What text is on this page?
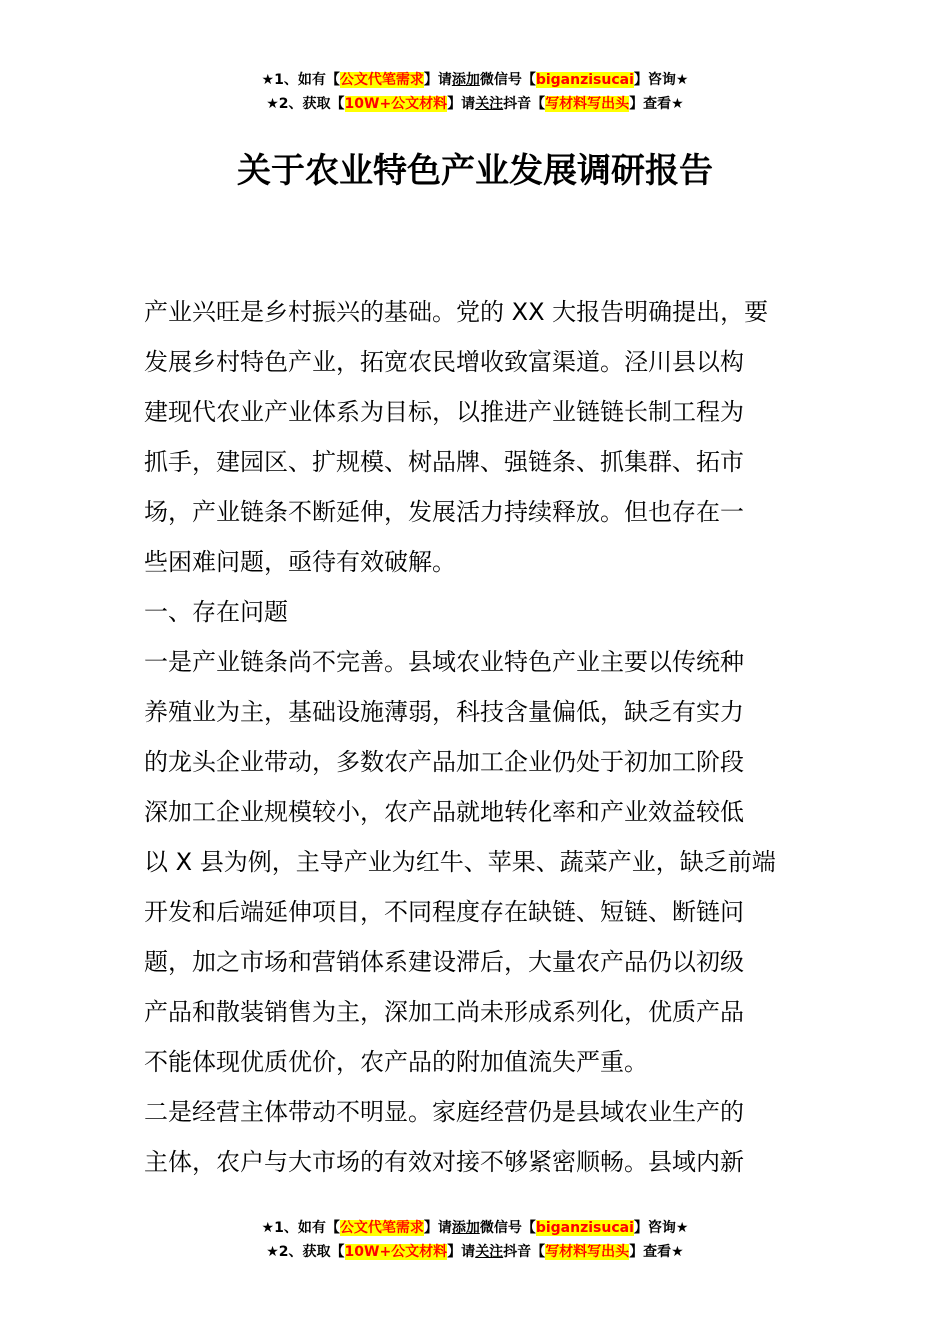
★1、如有【公文代笔需求】请添加微信号【biganzisucai】咨询★
★2、获取【10W+公文材料】请关注抖音【写材料写出头】查看★
关于农业特色产业发展调研报告
产业兴旺是乡村振兴的基础。党的 XX 大报告明确提出，要
发展乡村特色产业，拓宽农民增收致富渠道。泾川县以构
建现代农业产业体系为目标，以推进产业链链长制工程为
抓手，建园区、扩规模、树品牌、强链条、抓集群、拓市
场，产业链条不断延伸，发展活力持续释放。但也存在一
些困难问题，亟待有效破解。
一、存在问题
一是产业链条尚不完善。县域农业特色产业主要以传统种
养殖业为主，基础设施薄弱，科技含量偏低，缺乏有实力
的龙头企业带动，多数农产品加工企业仍处于初加工阶段
深加工企业规模较小，农产品就地转化率和产业效益较低
以 X 县为例，主导产业为红牛、苹果、蔬菜产业，缺乏前端
开发和后端延伸项目，不同程度存在缺链、短链、断链问
题，加之市场和营销体系建设滞后，大量农产品仍以初级
产品和散装销售为主，深加工尚未形成系列化，优质产品
不能体现优质优价，农产品的附加值流失严重。
二是经营主体带动不明显。家庭经营仍是县域农业生产的
主体，农户与大市场的有效对接不够紧密顺畅。县域内新
★1、如有【公文代笔需求】请添加微信号【biganzisucai】咨询★
★2、获取【10W+公文材料】请关注抖音【写材料写出头】查看★
